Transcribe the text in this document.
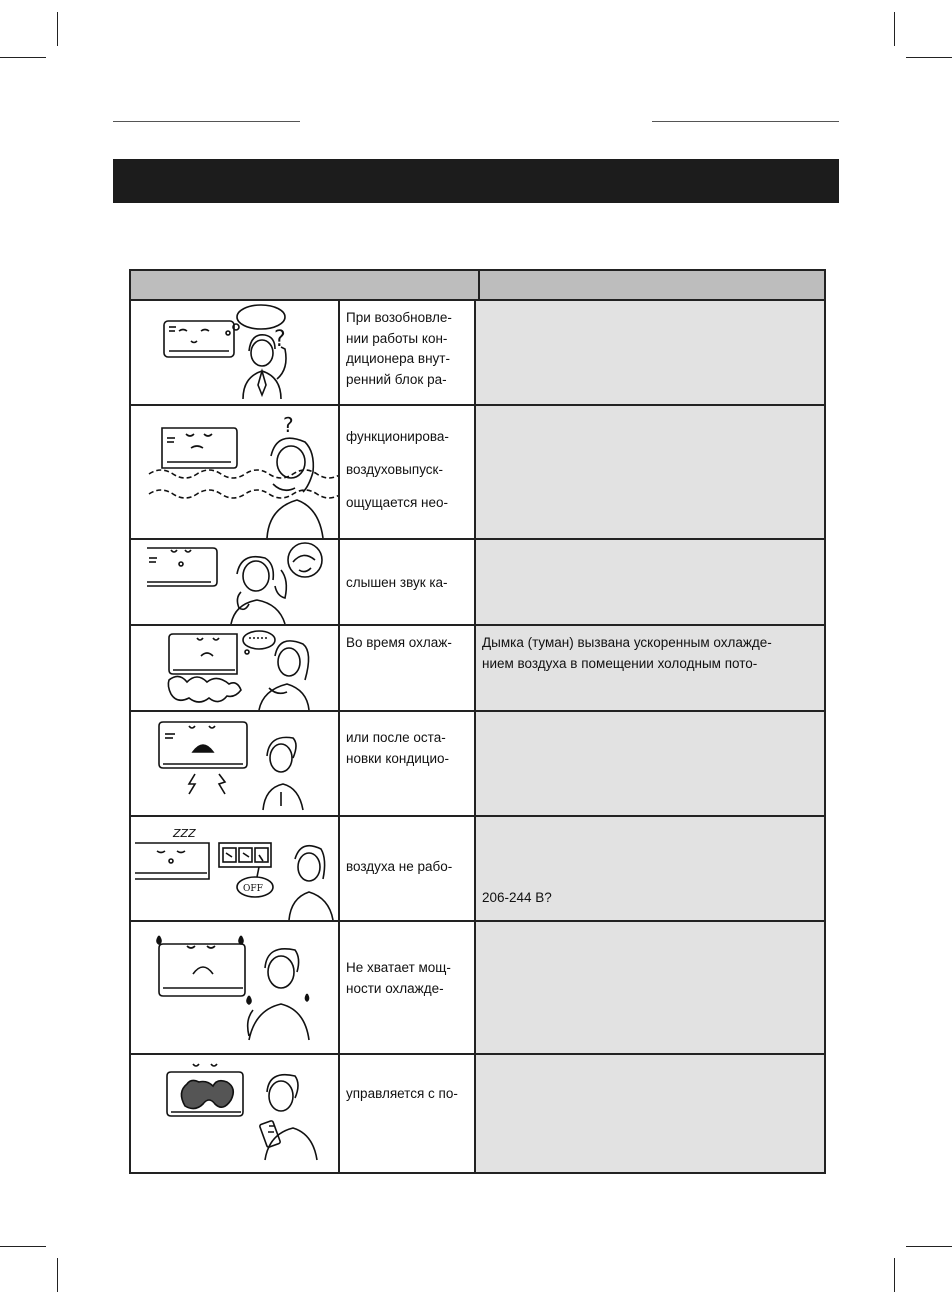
?
При возобновле-
нии работы кон-
диционера внут-
ренний блок ра-
?	функционирова-
воздуховыпуск-
ощущается нео-
слышен звук ка-
Во время охлаж-	Дымка (туман) вызвана ускоренным охлажде-
нием воздуха в помещении холодным пото-
или после оста-
новки кондицио-
ZZZ
OFF
воздуха не рабо-
206-244 В?
Не хватает мощ-
ности охлажде-
управляется с по-
